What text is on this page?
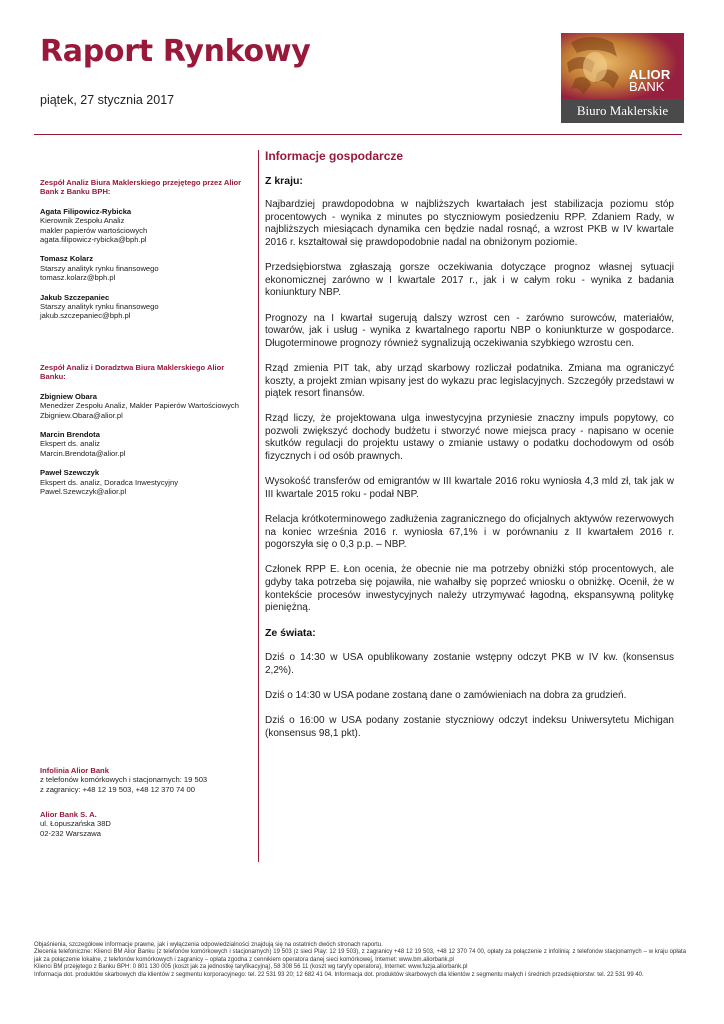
Raport Rynkowy
piątek, 27 stycznia 2017
ALIOR
BANK
Biuro Maklerskie

Zespół Analiz Biura Maklerskiego przejętego przez Alior Bank z Banku BPH:

Agata Filipowicz-Rybicka
Kierownik Zespołu Analiz
makler papierów wartościowych
agata.filipowicz-rybicka@bph.pl
Tomasz Kolarz
Starszy analityk rynku finansowego
tomasz.kolarz@bph.pl
Jakub Szczepaniec
Starszy analityk rynku finansowego
jakub.szczepaniec@bph.pl

Zespół Analiz i Doradztwa Biura Maklerskiego Alior Banku:

Zbigniew Obara
Menedżer Zespołu Analiz, Makler Papierów Wartościowych
Zbigniew.Obara@alior.pl
Marcin Brendota
Ekspert ds. analiz
Marcin.Brendota@alior.pl
Paweł Szewczyk
Ekspert ds. analiz, Doradca Inwestycyjny
Pawel.Szewczyk@alior.pl
Infolinia Alior Bank
z telefonów komórkowych i stacjonarnych: 19 503
z zagranicy: +48 12 19 503, +48 12 370 74 00
Alior Bank S. A.
ul. Łopuszańska 38D
02-232 Warszawa
Informacje gospodarcze
Z kraju:

Najbardziej prawdopodobna w najbliższych kwartałach jest stabilizacja poziomu stóp procentowych - wynika z minutes po styczniowym posiedzeniu RPP. Zdaniem Rady, w najbliższych miesiącach dynamika cen będzie nadal rosnąć, a wzrost PKB w IV kwartale 2016 r. kształtował się prawdopodobnie nadal na obniżonym poziomie.

Przedsiębiorstwa zgłaszają gorsze oczekiwania dotyczące prognoz własnej sytuacji ekonomicznej zarówno w I kwartale 2017 r., jak i w całym roku - wynika z badania koniunktury NBP.

Prognozy na I kwartał sugerują dalszy wzrost cen - zarówno surowców, materiałów, towarów, jak i usług - wynika z kwartalnego raportu NBP o koniunkturze w gospodarce. Długoterminowe prognozy również sygnalizują oczekiwania szybkiego wzrostu cen.

Rząd zmienia PIT tak, aby urząd skarbowy rozliczał podatnika. Zmiana ma ograniczyć koszty, a projekt zmian wpisany jest do wykazu prac legislacyjnych. Szczegóły przedstawi w piątek resort finansów.

Rząd liczy, że projektowana ulga inwestycyjna przyniesie znaczny impuls popytowy, co pozwoli zwiększyć dochody budżetu i stworzyć nowe miejsca pracy - napisano w ocenie skutków regulacji do projektu ustawy o zmianie ustawy o podatku dochodowym od osób fizycznych i od osób prawnych.

Wysokość transferów od emigrantów w III kwartale 2016 roku wyniosła 4,3 mld zł, tak jak w III kwartale 2015 roku - podał NBP.

Relacja krótkoterminowego zadłużenia zagranicznego do oficjalnych aktywów rezerwowych na koniec września 2016 r. wyniosła 67,1% i w porównaniu z II kwartałem 2016 r. pogorszyła się o 0,3 p.p. – NBP.

Członek RPP E. Łon ocenia, że obecnie nie ma potrzeby obniżki stóp procentowych, ale gdyby taka potrzeba się pojawiła, nie wahałby się poprzeć wniosku o obniżkę. Ocenił, że w kontekście procesów inwestycyjnych należy utrzymywać łagodną, ekspansywną politykę pieniężną.

Ze świata:

Dziś o 14:30 w USA opublikowany zostanie wstępny odczyt PKB w IV kw. (konsensus 2,2%).

Dziś o 14:30 w USA podane zostaną dane o zamówieniach na dobra za grudzień.

Dziś o 16:00 w USA podany zostanie styczniowy odczyt indeksu Uniwersytetu Michigan (konsensus 98,1 pkt).

Objaśnienia, szczegółowe informacje prawne, jak i wyłączenia odpowiedzialności znajdują się na ostatnich dwóch stronach raportu.
Zlecenia telefoniczne: Klienci BM Alior Banku (z telefonów komórkowych i stacjonarnych) 19 503 (z sieci Play: 12 19 503), z zagranicy +48 12 19 503, +48 12 370 74 00, opłaty za połączenie z infolinią: z telefonów stacjonarnych – w kraju opłata jak za połączenie lokalne, z telefonów komórkowych i zagranicy – opłata zgodna z cennikiem operatora danej sieci komórkowej, Internet: www.bm.aliorbank.pl
Klienci BM przejętego z Banku BPH: 0 801 130 005 (koszt jak za jednostkę taryfikacyjną), 58 308 56 11 (koszt wg taryfy operatora), Internet: www.fuzja.aliorbank.pl
Informacja dot. produktów skarbowych dla klientów z segmentu korporacyjnego: tel. 22 531 93 20; 12 682 41 04. Informacja dot. produktów skarbowych dla klientów z segmentu małych i średnich przedsiębiorstw: tel. 22 531 99 40.
